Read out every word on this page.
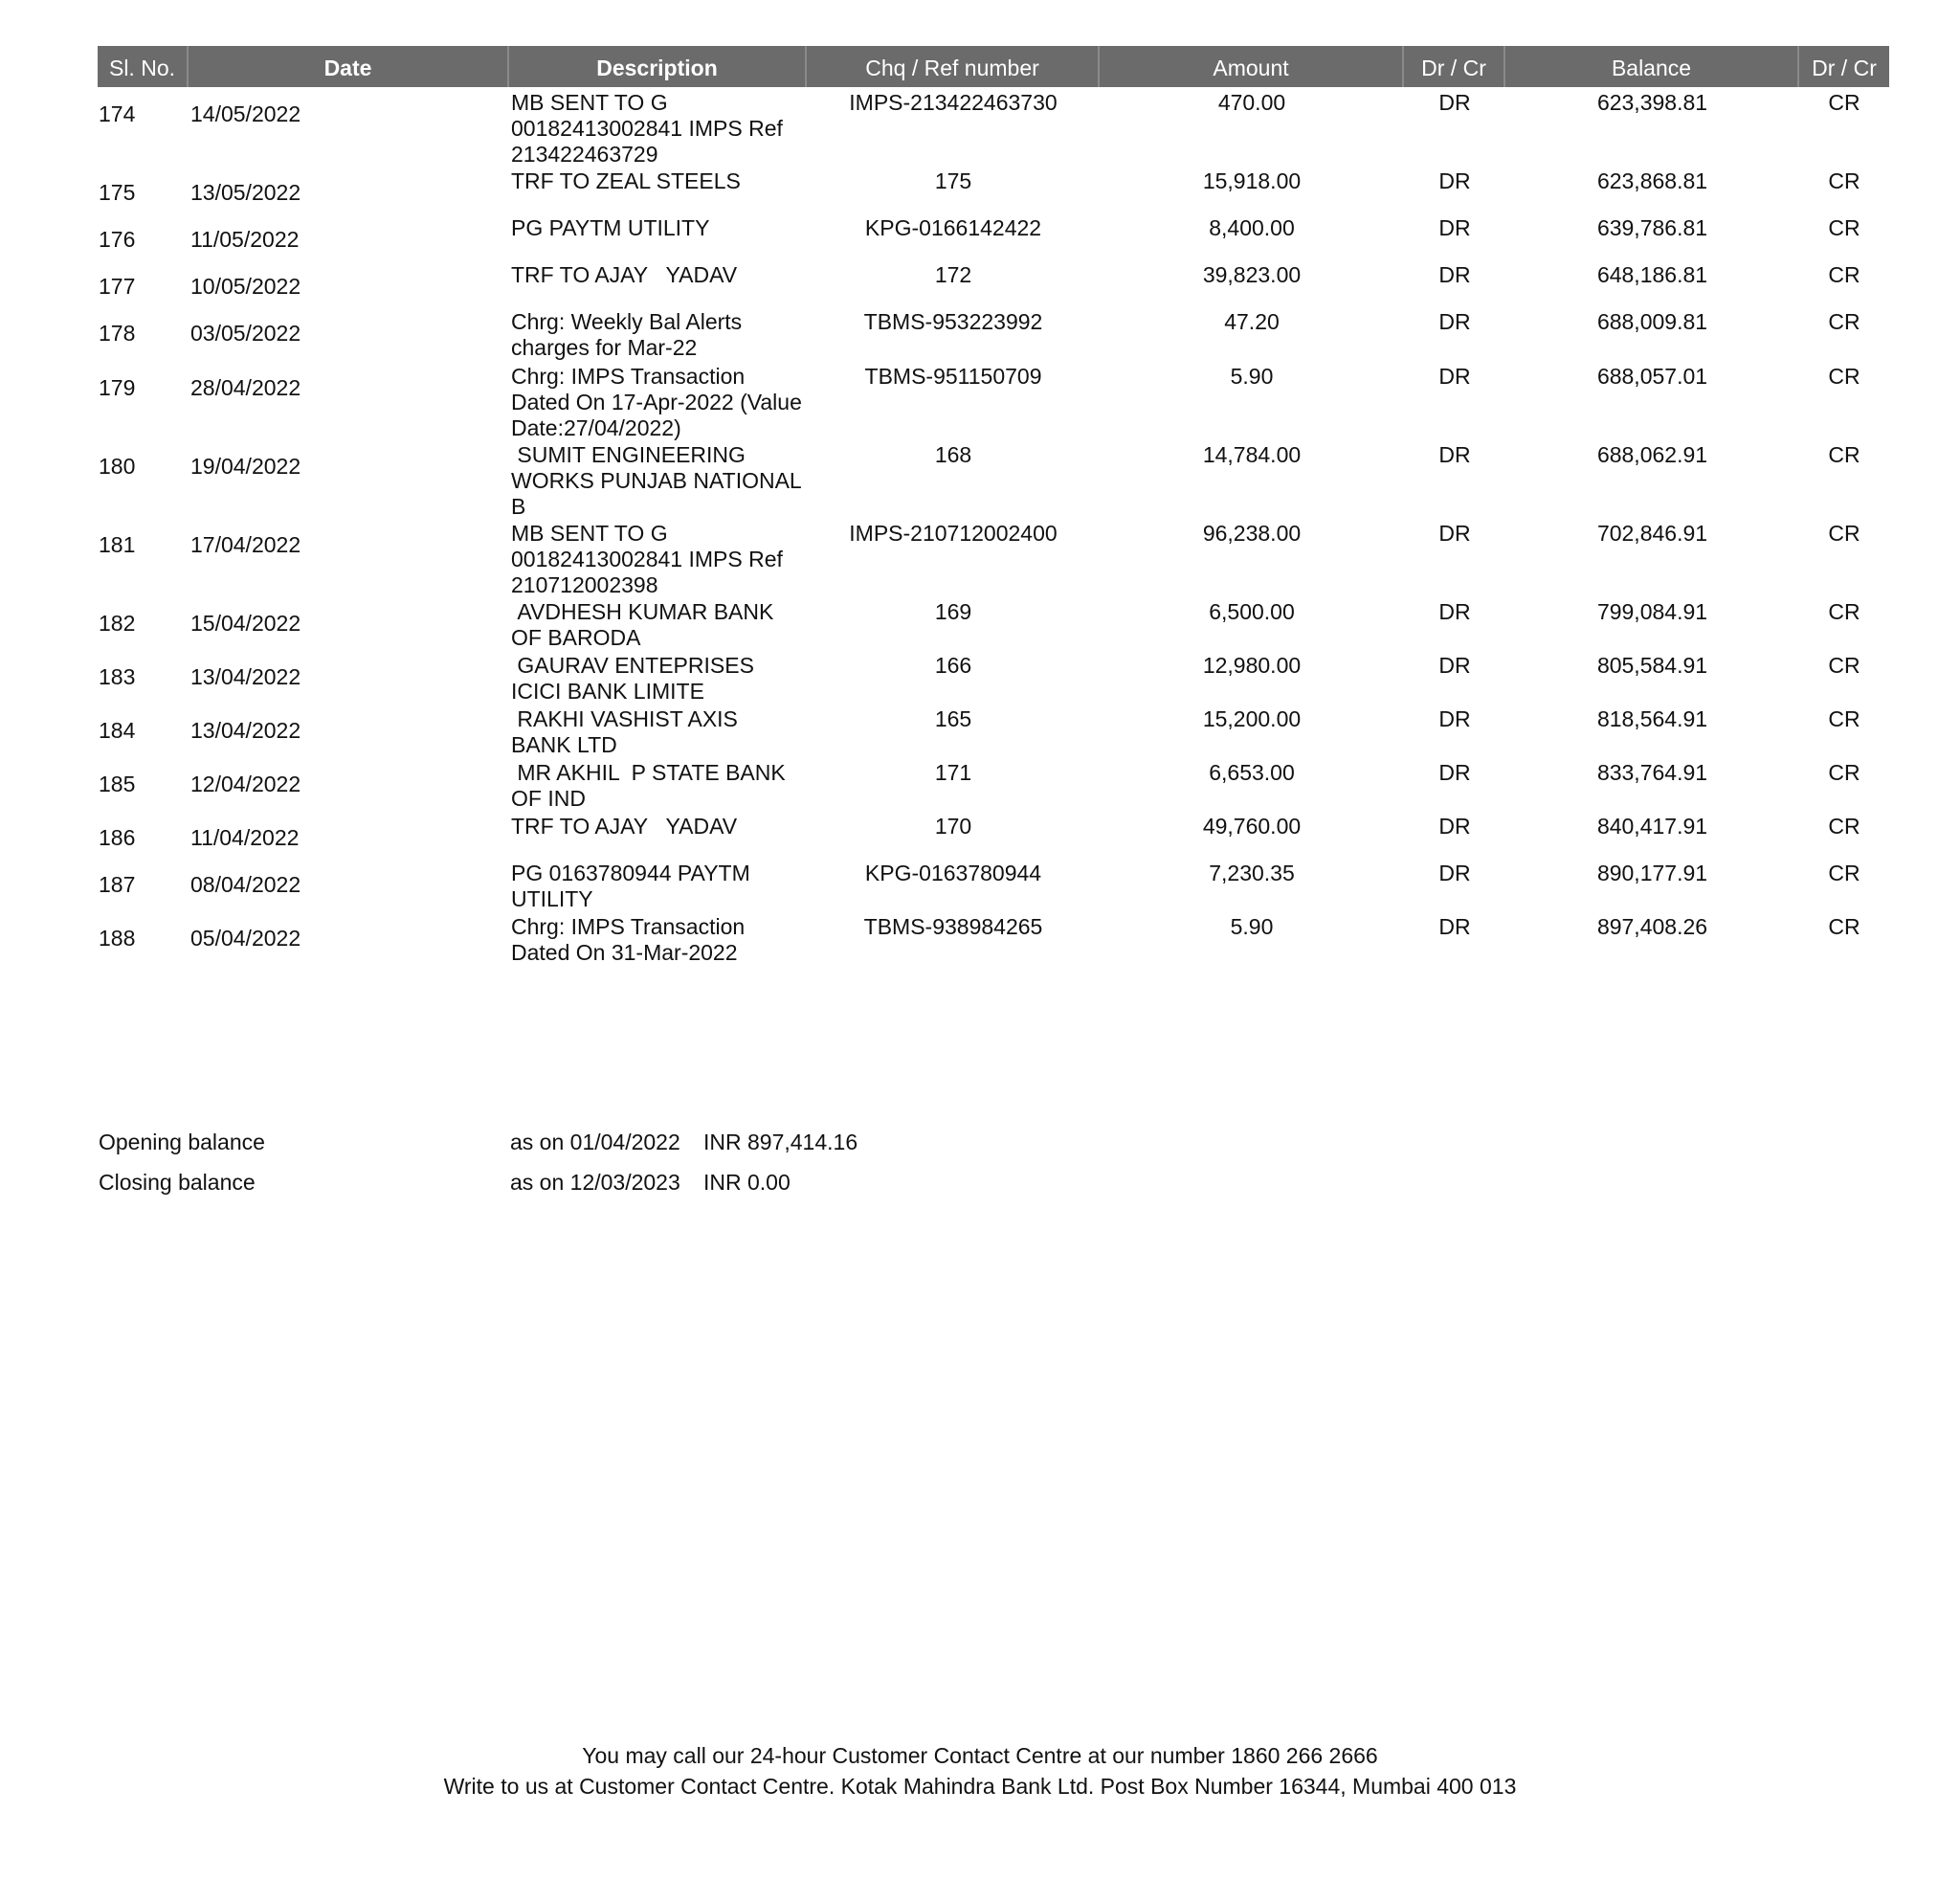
Sl. No.	Date	Description	Chq / Ref number	Amount	Dr / Cr	Balance	Dr / Cr
174	14/05/2022	MB SENT TO G
00182413002841 IMPS Ref
213422463729
IMPS-213422463730	470.00	DR	623,398.81	CR
175	13/05/2022	TRF TO ZEAL STEELS	175	15,918.00	DR	623,868.81	CR
176	11/05/2022	PG PAYTM UTILITY	KPG-0166142422	8,400.00	DR	639,786.81	CR
177	10/05/2022	TRF TO AJAY   YADAV	172	39,823.00	DR	648,186.81	CR
178	03/05/2022	Chrg: Weekly Bal Alerts
charges for Mar-22
TBMS-953223992	47.20	DR	688,009.81	CR
179	28/04/2022	Chrg: IMPS Transaction
Dated On 17-Apr-2022 (Value
Date:27/04/2022)
TBMS-951150709	5.90	DR	688,057.01	CR
180	19/04/2022	SUMIT ENGINEERING
WORKS PUNJAB NATIONAL
B
168	14,784.00	DR	688,062.91	CR
181	17/04/2022	MB SENT TO G
00182413002841 IMPS Ref
210712002398
IMPS-210712002400	96,238.00	DR	702,846.91	CR
182	15/04/2022	AVDHESH KUMAR BANK
OF BARODA
169	6,500.00	DR	799,084.91	CR
183	13/04/2022	GAURAV ENTEPRISES
ICICI BANK LIMITE
166	12,980.00	DR	805,584.91	CR
184	13/04/2022	RAKHI VASHIST AXIS
BANK LTD
165	15,200.00	DR	818,564.91	CR
185	12/04/2022	MR AKHIL  P STATE BANK
OF IND
171	6,653.00	DR	833,764.91	CR
186	11/04/2022	TRF TO AJAY   YADAV	170	49,760.00	DR	840,417.91	CR
187	08/04/2022	PG 0163780944 PAYTM
UTILITY
KPG-0163780944	7,230.35	DR	890,177.91	CR
188	05/04/2022	Chrg: IMPS Transaction
Dated On 31-Mar-2022
TBMS-938984265	5.90	DR	897,408.26	CR
Opening balance	as on 01/04/2022 INR 897,414.16
Closing balance	as on 12/03/2023 INR 0.00
You may call our 24-hour Customer Contact Centre at our number 1860 266 2666
Write to us at Customer Contact Centre. Kotak Mahindra Bank Ltd. Post Box Number 16344, Mumbai 400 013
